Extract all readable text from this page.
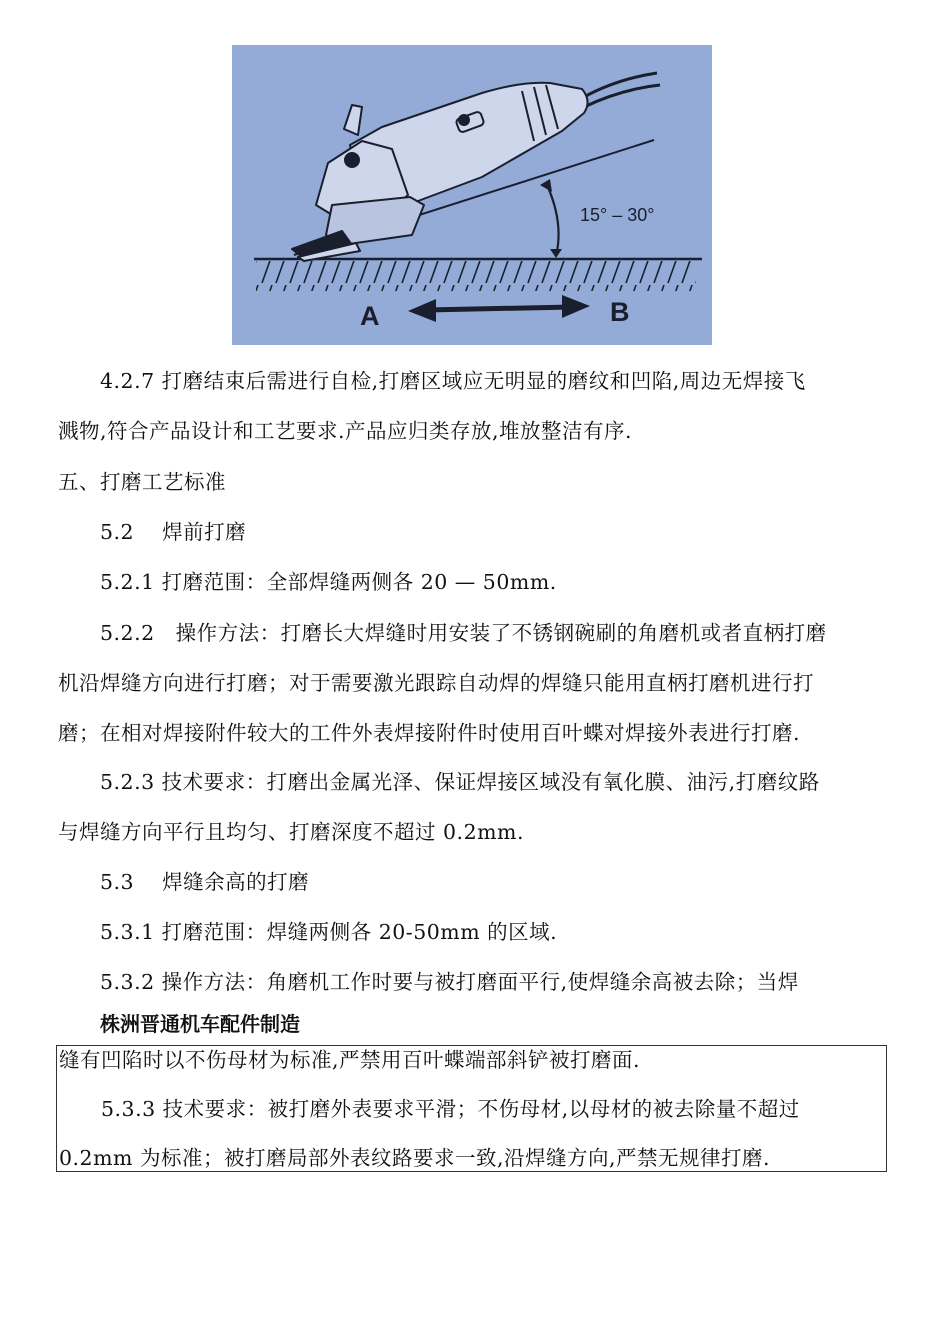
15° – 30°
A	B
4.2.7 打磨结束后需进行自检,打磨区域应无明显的磨纹和凹陷,周边无焊接飞
溅物,符合产品设计和工艺要求.产品应归类存放,堆放整洁有序.
五、打磨工艺标准
5.2　 焊前打磨
5.2.1 打磨范围：全部焊缝两侧各 20 — 50mm.
5.2.2　操作方法：打磨长大焊缝时用安装了不锈钢碗刷的角磨机或者直柄打磨
机沿焊缝方向进行打磨；对于需要激光跟踪自动焊的焊缝只能用直柄打磨机进行打
磨；在相对焊接附件较大的工件外表焊接附件时使用百叶蝶对焊接外表进行打磨.
5.2.3 技术要求：打磨出金属光泽、保证焊接区域没有氧化膜、油污,打磨纹路
与焊缝方向平行且均匀、打磨深度不超过 0.2mm.
5.3　 焊缝余高的打磨
5.3.1 打磨范围：焊缝两侧各 20-50mm 的区域.
5.3.2 操作方法：角磨机工作时要与被打磨面平行,使焊缝余高被去除；当焊
株洲晋通机车配件制造
缝有凹陷时以不伤母材为标准,严禁用百叶蝶端部斜铲被打磨面.
5.3.3 技术要求：被打磨外表要求平滑；不伤母材,以母材的被去除量不超过
0.2mm 为标准；被打磨局部外表纹路要求一致,沿焊缝方向,严禁无规律打磨.
